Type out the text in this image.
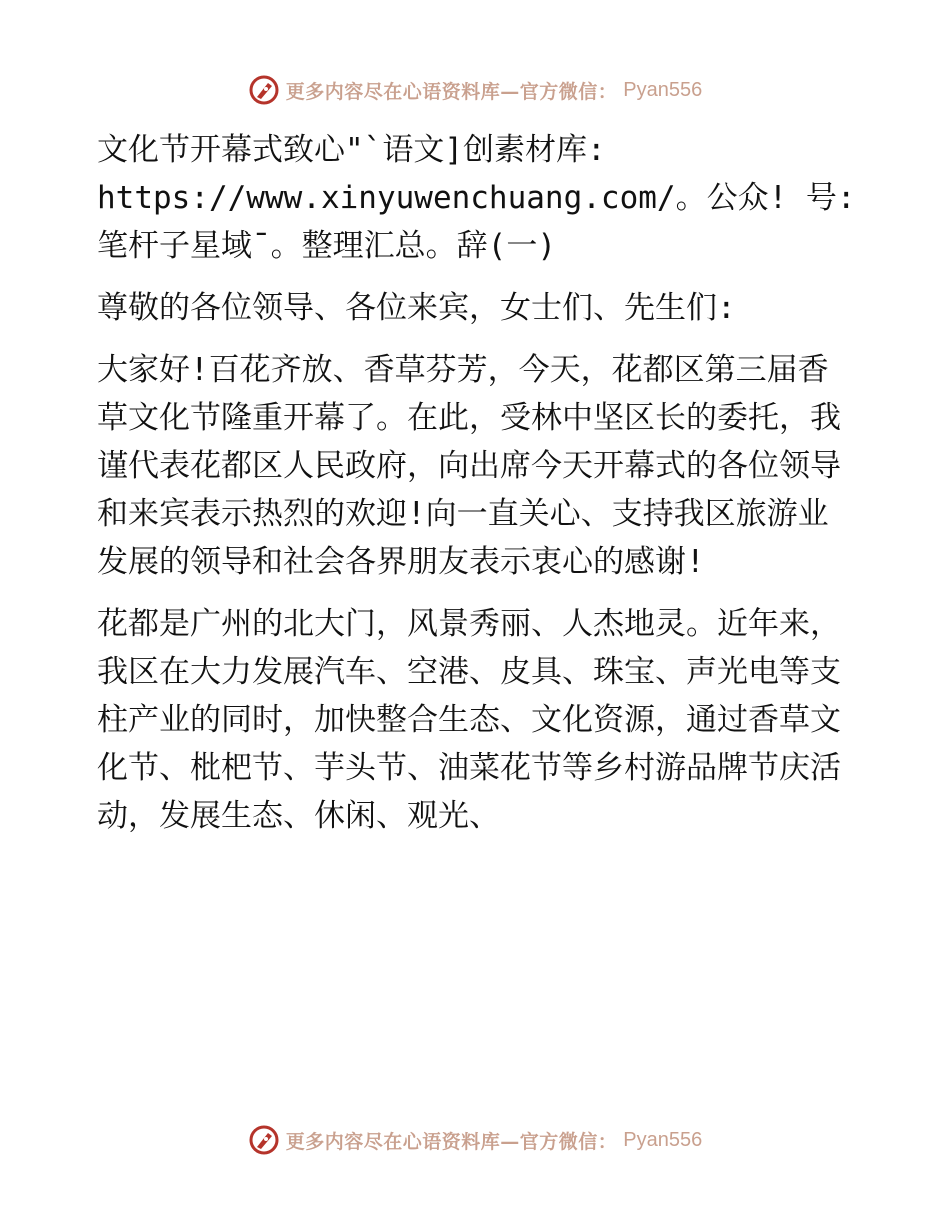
更多内容尽在心语资料库—官方微信： Pyan556

文化节开幕式致心"`语文]创素材库: https://www.xinyuwenchuang.com/。公众! 号: 笔杆子星域¯。整理汇总。辞(一)

尊敬的各位领导、各位来宾，女士们、先生们:

大家好!百花齐放、香草芬芳，今天，花都区第三届香草文化节隆重开幕了。在此，受林中坚区长的委托，我谨代表花都区人民政府，向出席今天开幕式的各位领导和来宾表示热烈的欢迎!向一直关心、支持我区旅游业发展的领导和社会各界朋友表示衷心的感谢!

花都是广州的北大门，风景秀丽、人杰地灵。近年来，我区在大力发展汽车、空港、皮具、珠宝、声光电等支柱产业的同时，加快整合生态、文化资源，通过香草文化节、枇杷节、芋头节、油菜花节等乡村游品牌节庆活动，发展生态、休闲、观光、

更多内容尽在心语资料库—官方微信： Pyan556
